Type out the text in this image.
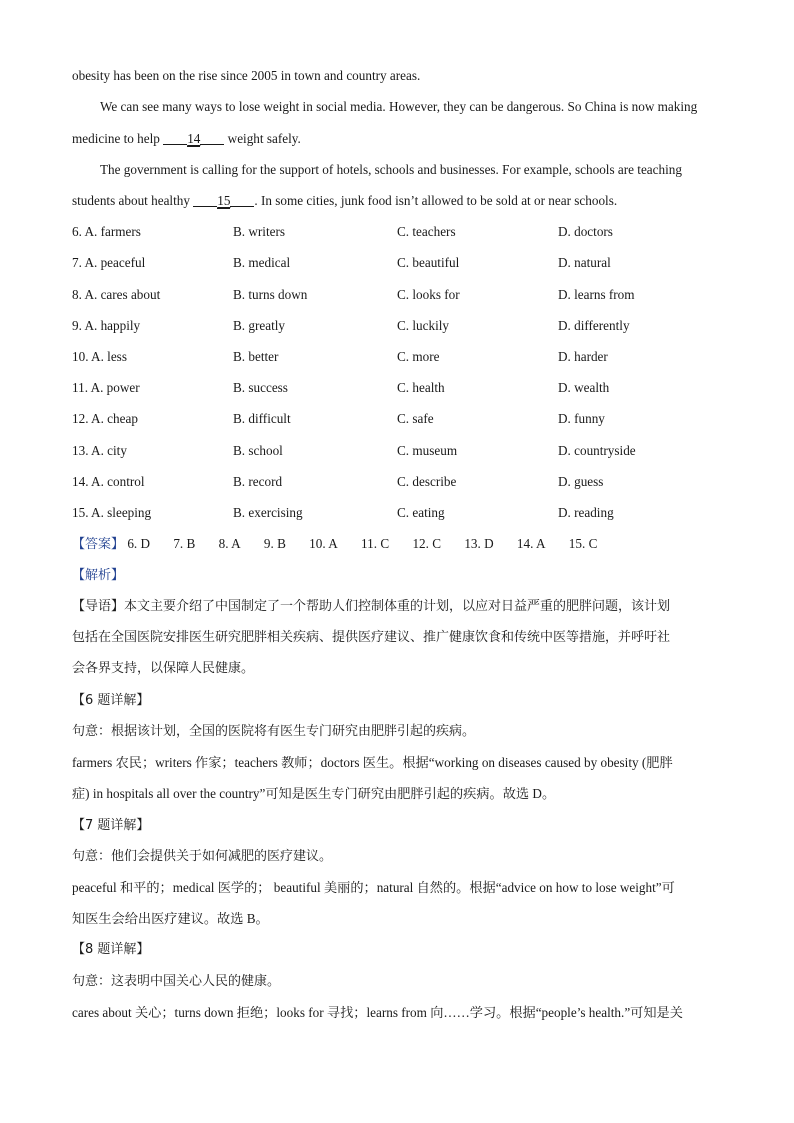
obesity has been on the rise since 2005 in town and country areas.
We can see many ways to lose weight in social media. However, they can be dangerous. So China is now making
medicine to help 14 weight safely.
The government is calling for the support of hotels, schools and businesses. For example, schools are teaching
students about healthy 15 . In some cities, junk food isn’t allowed to be sold at or near schools.
6. A. farmers	B. writers	C. teachers	D. doctors
7. A. peaceful	B. medical	C. beautiful	D. natural
8. A. cares about	B. turns down	C. looks for	D. learns from
9. A. happily	B. greatly	C. luckily	D. differently
10. A. less	B. better	C. more	D. harder
11. A. power	B. success	C. health	D. wealth
12. A. cheap	B. difficult	C. safe	D. funny
13. A. city	B. school	C. museum	D. countryside
14. A. control	B. record	C. describe	D. guess
15. A. sleeping	B. exercising	C. eating	D. reading
【答案】 6. D 7. B 8. A 9. B 10. A 11. C 12. C 13. D 14. A 15. C
【解析】
【导语】本文主要介绍了中国制定了一个帮助人们控制体重的计划，以应对日益严重的肥胖问题，该计划
包括在全国医院安排医生研究肥胖相关疾病、提供医疗建议、推广健康饮食和传统中医等措施，并呼吁社
会各界支持，以保障人民健康。
【6 题详解】
句意：根据该计划，全国的医院将有医生专门研究由肥胖引起的疾病。
farmers 农民；writers 作家；teachers 教师；doctors 医生。根据“working on diseases caused by obesity (肥胖
症) in hospitals all over the country”可知是医生专门研究由肥胖引起的疾病。故选 D。
【7 题详解】
句意：他们会提供关于如何减肥的医疗建议。
peaceful 和平的；medical 医学的； beautiful 美丽的；natural 自然的。根据“advice on how to lose weight”可
知医生会给出医疗建议。故选 B。
【8 题详解】
句意：这表明中国关心人民的健康。
cares about 关心；turns down 拒绝；looks for 寻找；learns from 向……学习。根据“people’s health.”可知是关
